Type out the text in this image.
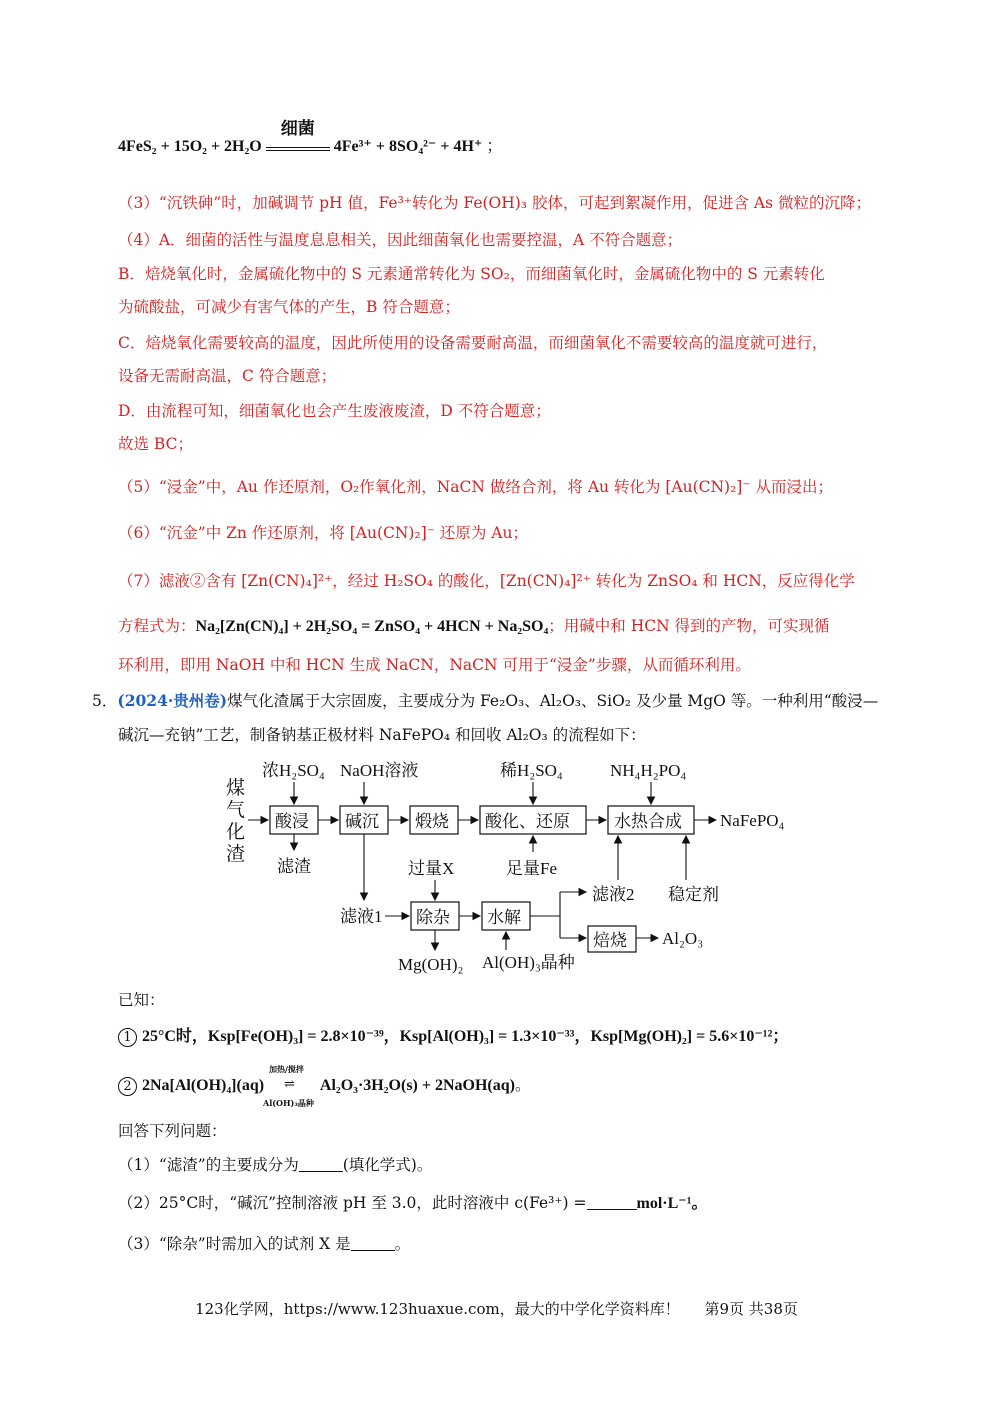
4FeS₂ + 15O₂ + 2H₂O
细菌
4Fe³⁺ + 8SO₄²⁻ + 4H⁺ ；
（3）“沉铁砷”时，加碱调节 pH 值，Fe³⁺转化为 Fe(OH)₃ 胶体，可起到絮凝作用，促进含 As 微粒的沉降；
（4）A．细菌的活性与温度息息相关，因此细菌氧化也需要控温，A 不符合题意；
B．焙烧氧化时，金属硫化物中的 S 元素通常转化为 SO₂，而细菌氧化时，金属硫化物中的 S 元素转化
为硫酸盐，可减少有害气体的产生，B 符合题意；
C．焙烧氧化需要较高的温度，因此所使用的设备需要耐高温，而细菌氧化不需要较高的温度就可进行，
设备无需耐高温，C 符合题意；
D．由流程可知，细菌氧化也会产生废液废渣，D 不符合题意；
故选 BC；
（5）“浸金”中，Au 作还原剂，O₂作氧化剂，NaCN 做络合剂，将 Au 转化为 [Au(CN)₂]⁻ 从而浸出；
（6）“沉金”中 Zn 作还原剂，将 [Au(CN)₂]⁻ 还原为 Au；
（7）滤液②含有 [Zn(CN)₄]²⁺，经过 H₂SO₄ 的酸化，[Zn(CN)₄]²⁺ 转化为 ZnSO₄ 和 HCN，反应得化学
方程式为：Na₂[Zn(CN)₄] + 2H₂SO₄ = ZnSO₄ + 4HCN + Na₂SO₄；用碱中和 HCN 得到的产物，可实现循
环利用，即用 NaOH 中和 HCN 生成 NaCN，NaCN 可用于“浸金”步骤，从而循环利用。
5．(2024·贵州卷)煤气化渣属于大宗固废，主要成分为 Fe₂O₃、Al₂O₃、SiO₂ 及少量 MgO 等。一种利用“酸浸—
碱沉—充钠”工艺，制备钠基正极材料 NaFePO₄ 和回收 Al₂O₃ 的流程如下：
煤
气
化
渣
酸浸 碱沉 煅烧 酸化、还原	水热合成
除杂 水解
焙烧
浓H₂SO₄ NaOH溶液	稀H₂SO₄	NH₄H₂PO₄
过量X	足量Fe
Al(OH)₃晶种
稳定剂
滤渣
滤液1
Mg(OH)₂
滤液2
Al₂O₃
NaFePO₄
已知：
1 25°C时，Ksp[Fe(OH)₃] = 2.8×10⁻³⁹，Ksp[Al(OH)₃] = 1.3×10⁻³³，Ksp[Mg(OH)₂] = 5.6×10⁻¹²；
2 2Na[Al(OH)₄](aq)
加热/搅拌
⇌
Al(OH)₃晶种
Al₂O₃·3H₂O(s) + 2NaOH(aq)。
回答下列问题：
（1）“滤渣”的主要成分为	(填化学式)。
（2）25°C时，“碱沉”控制溶液 pH 至 3.0，此时溶液中 c(Fe³⁺) =	mol·L⁻¹。
（3）“除杂”时需加入的试剂 X 是	。
123化学网，https://www.123huaxue.com，最大的中学化学资料库！ 第9页 共38页
